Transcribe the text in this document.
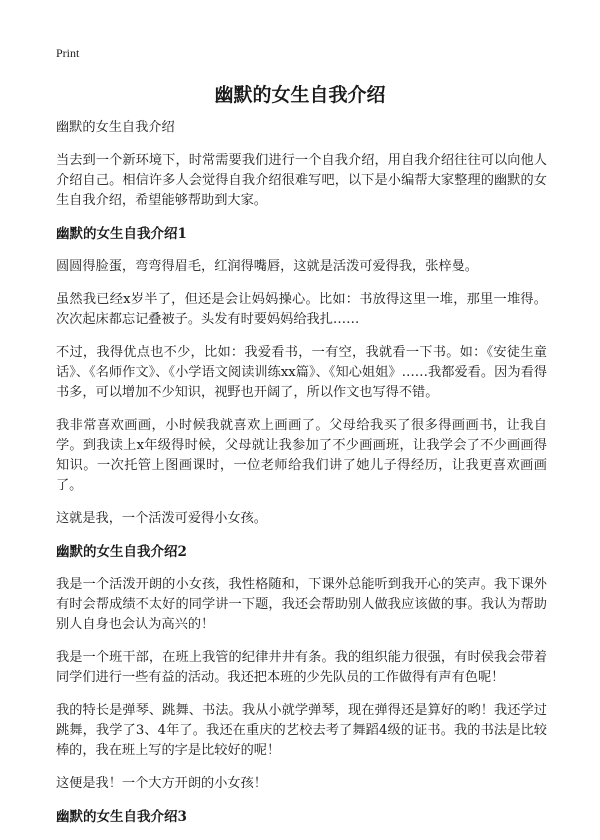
Print
幽默的女生自我介绍

幽默的女生自我介绍

当去到一个新环境下，时常需要我们进行一个自我介绍，用自我介绍往往可以向他人介绍自己。相信许多人会觉得自我介绍很难写吧，以下是小编帮大家整理的幽默的女生自我介绍，希望能够帮助到大家。

幽默的女生自我介绍1

圆圆得脸蛋，弯弯得眉毛，红润得嘴唇，这就是活泼可爱得我，张梓曼。

虽然我已经x岁半了，但还是会让妈妈操心。比如：书放得这里一堆，那里一堆得。次次起床都忘记叠被子。头发有时要妈妈给我扎……

不过，我得优点也不少，比如：我爱看书，一有空，我就看一下书。如：《安徒生童话》、《名师作文》、《小学语文阅读训练xx篇》、《知心姐姐》……我都爱看。因为看得书多，可以增加不少知识，视野也开阔了，所以作文也写得不错。

我非常喜欢画画，小时候我就喜欢上画画了。父母给我买了很多得画画书，让我自学。到我读上x年级得时候，父母就让我参加了不少画画班，让我学会了不少画画得知识。一次托管上图画课时，一位老师给我们讲了她儿子得经历，让我更喜欢画画了。

这就是我，一个活泼可爱得小女孩。

幽默的女生自我介绍2

我是一个活泼开朗的小女孩，我性格随和，下课外总能听到我开心的笑声。我下课外有时会帮成绩不太好的同学讲一下题，我还会帮助别人做我应该做的事。我认为帮助别人自身也会认为高兴的！

我是一个班干部，在班上我管的纪律井井有条。我的组织能力很强，有时侯我会带着同学们进行一些有益的活动。我还把本班的少先队员的工作做得有声有色呢！

我的特长是弹琴、跳舞、书法。我从小就学弹琴，现在弹得还是算好的哟！我还学过跳舞，我学了3、4年了。我还在重庆的艺校去考了舞蹈4级的证书。我的书法是比较棒的，我在班上写的字是比较好的呢！

这便是我！一个大方开朗的小女孩！

幽默的女生自我介绍3
